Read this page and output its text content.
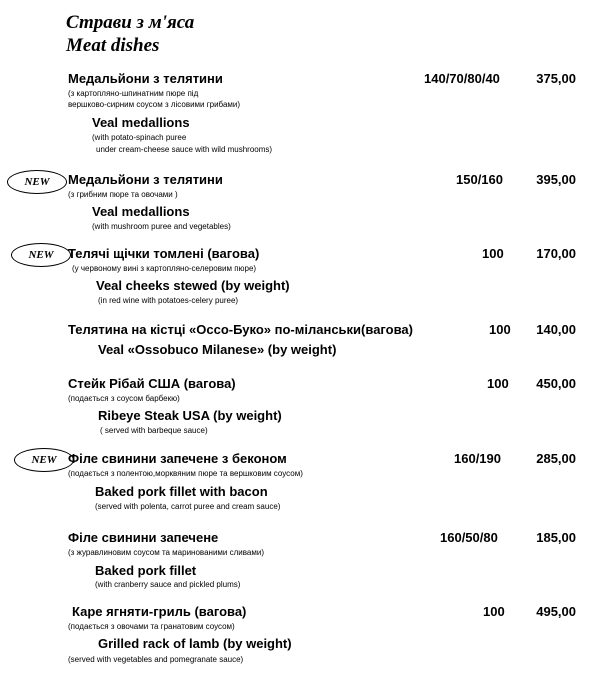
Страви з м'яса
Meat dishes
Медальйони з телятини	140/70/80/40	375,00
(з картопляно-шпинатним пюре під
вершково-сирним соусом з лісовими грибами)
Veal medallions
(with potato-spinach puree
under cream-cheese sauce with wild mushrooms)
NEW	Медальйони з телятини	150/160	395,00
(з грибним пюре та овочами )
Veal medallions
(with mushroom puree and vegetables)
NEW	Телячі щічки томлені (вагова)	100	170,00
(у червоному вині з картопляно-селеровим пюре)
Veal cheeks stewed (by weight)
(in red wine with potatoes-celery puree)
Телятина на кістці «Оссо-Буко» по-міланськи(вагова)	100 140,00
Veal «Ossobuco Milanese» (by weight)
Стейк Рібай США (вагова)	100 450,00
(подається з соусом барбекю)
Ribeye Steak USA (by weight)
( served with barbeque sauce)
NEW Філе свинини запечене з беконом	160/190	285,00
(подається з полентою,морквяним пюре та вершковим соусом)
Baked pork fillet with bacon
(served with polenta, carrot puree and cream sauce)
Філе свинини запечене	160/50/80	185,00
(з журавлиновим соусом та маринованими сливами)
Baked pork fillet
(with cranberry sauce and pickled plums)
Каре ягняти-гриль (вагова)	100 495,00
(подається з овочами та гранатовим соусом)
Grilled rack of lamb (by weight)
(served with vegetables and pomegranate sauce)
